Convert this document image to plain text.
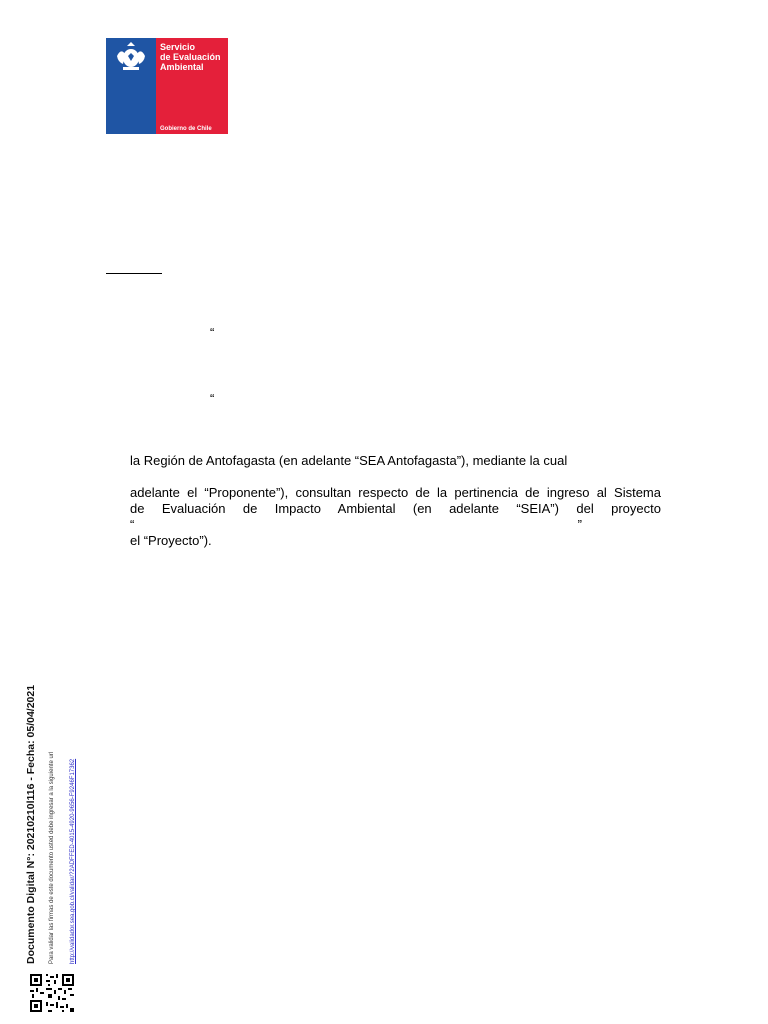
Servicio
de Evaluación
Ambiental
Gobierno de Chile
“
“
la Región de Antofagasta (en adelante “SEA Antofagasta”), mediante la cual
adelante el “Proponente”), consultan respecto de la pertinencia de ingreso al Sistema
de Evaluación de Impacto Ambiental (en adelante “SEIA”) del proyecto
“	”
el “Proyecto”).
Documento Digital N°: 20210210l116 - Fecha: 05/04/2021 Para validar las firmas de este documento usted debe ingresar a la siguiente url	http://validador.sea.gob.cl/validar/?2ADFFED-4015-4920-9656-F9246F17362
